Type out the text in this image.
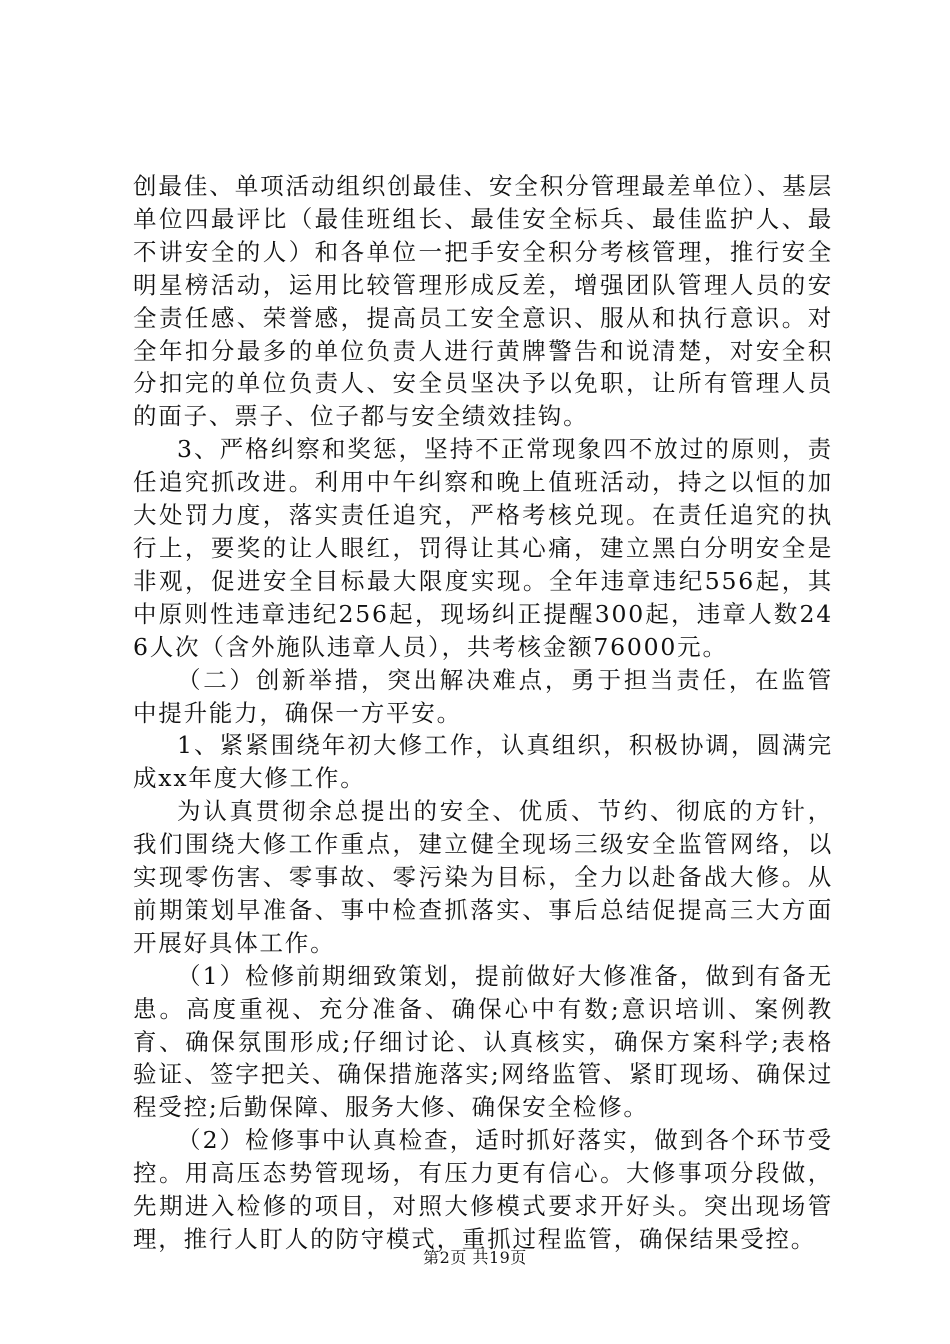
创最佳、单项活动组织创最佳、安全积分管理最差单位）、基层单位四最评比（最佳班组长、最佳安全标兵、最佳监护人、最不讲安全的人）和各单位一把手安全积分考核管理，推行安全明星榜活动，运用比较管理形成反差，增强团队管理人员的安全责任感、荣誉感，提高员工安全意识、服从和执行意识。对全年扣分最多的单位负责人进行黄牌警告和说清楚，对安全积分扣完的单位负责人、安全员坚决予以免职，让所有管理人员的面子、票子、位子都与安全绩效挂钩。

3、严格纠察和奖惩，坚持不正常现象四不放过的原则，责任追究抓改进。利用中午纠察和晚上值班活动，持之以恒的加大处罚力度，落实责任追究，严格考核兑现。在责任追究的执行上，要奖的让人眼红，罚得让其心痛，建立黑白分明安全是非观，促进安全目标最大限度实现。全年违章违纪556起，其中原则性违章违纪256起，现场纠正提醒300起，违章人数246人次（含外施队违章人员），共考核金额76000元。

（二）创新举措，突出解决难点，勇于担当责任，在监管中提升能力，确保一方平安。

1、紧紧围绕年初大修工作，认真组织，积极协调，圆满完成xx年度大修工作。

为认真贯彻余总提出的安全、优质、节约、彻底的方针，我们围绕大修工作重点，建立健全现场三级安全监管网络，以实现零伤害、零事故、零污染为目标，全力以赴备战大修。从前期策划早准备、事中检查抓落实、事后总结促提高三大方面开展好具体工作。

（1）检修前期细致策划，提前做好大修准备，做到有备无患。高度重视、充分准备、确保心中有数;意识培训、案例教育、确保氛围形成;仔细讨论、认真核实，确保方案科学;表格验证、签字把关、确保措施落实;网络监管、紧盯现场、确保过程受控;后勤保障、服务大修、确保安全检修。

（2）检修事中认真检查，适时抓好落实，做到各个环节受控。用高压态势管现场，有压力更有信心。大修事项分段做，先期进入检修的项目，对照大修模式要求开好头。突出现场管理，推行人盯人的防守模式，重抓过程监管，确保结果受控。

第2页 共19页
